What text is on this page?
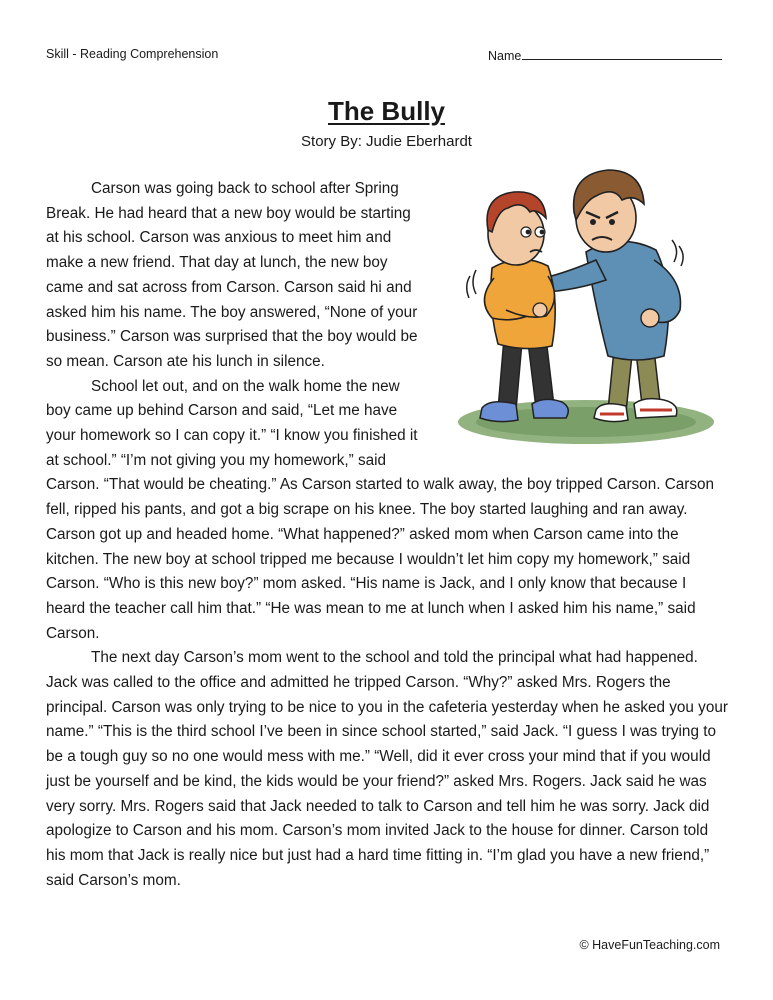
Skill - Reading Comprehension	Name
The Bully
Story By: Judie Eberhardt

Carson was going back to school after Spring Break. He had heard that a new boy would be starting at his school. Carson was anxious to meet him and make a new friend. That day at lunch, the new boy came and sat across from Carson. Carson said hi and asked him his name. The boy answered, “None of your business.” Carson was surprised that the boy would be so mean. Carson ate his lunch in silence.

School let out, and on the walk home the new boy came up behind Carson and said, “Let me have your homework so I can copy it.” “I know you finished it at school.” “I’m not giving you my homework,” said Carson. “That would be cheating.” As Carson started to walk away, the boy tripped Carson. Carson fell, ripped his pants, and got a big scrape on his knee. The boy started laughing and ran away. Carson got up and headed home. “What happened?” asked mom when Carson came into the kitchen. The new boy at school tripped me because I wouldn’t let him copy my homework,” said Carson. “Who is this new boy?” mom asked. “His name is Jack, and I only know that because I heard the teacher call him that.” “He was mean to me at lunch when I asked him his name,” said Carson.

The next day Carson’s mom went to the school and told the principal what had happened. Jack was called to the office and admitted he tripped Carson. “Why?” asked Mrs. Rogers the principal. Carson was only trying to be nice to you in the cafeteria yesterday when he asked you your name.” “This is the third school I’ve been in since school started,” said Jack. “I guess I was trying to be a tough guy so no one would mess with me.” “Well, did it ever cross your mind that if you would just be yourself and be kind, the kids would be your friend?” asked Mrs. Rogers. Jack said he was very sorry. Mrs. Rogers said that Jack needed to talk to Carson and tell him he was sorry. Jack did apologize to Carson and his mom. Carson’s mom invited Jack to the house for dinner. Carson told his mom that Jack is really nice but just had a hard time fitting in. “I’m glad you have a new friend,” said Carson’s mom.

© HaveFunTeaching.com
